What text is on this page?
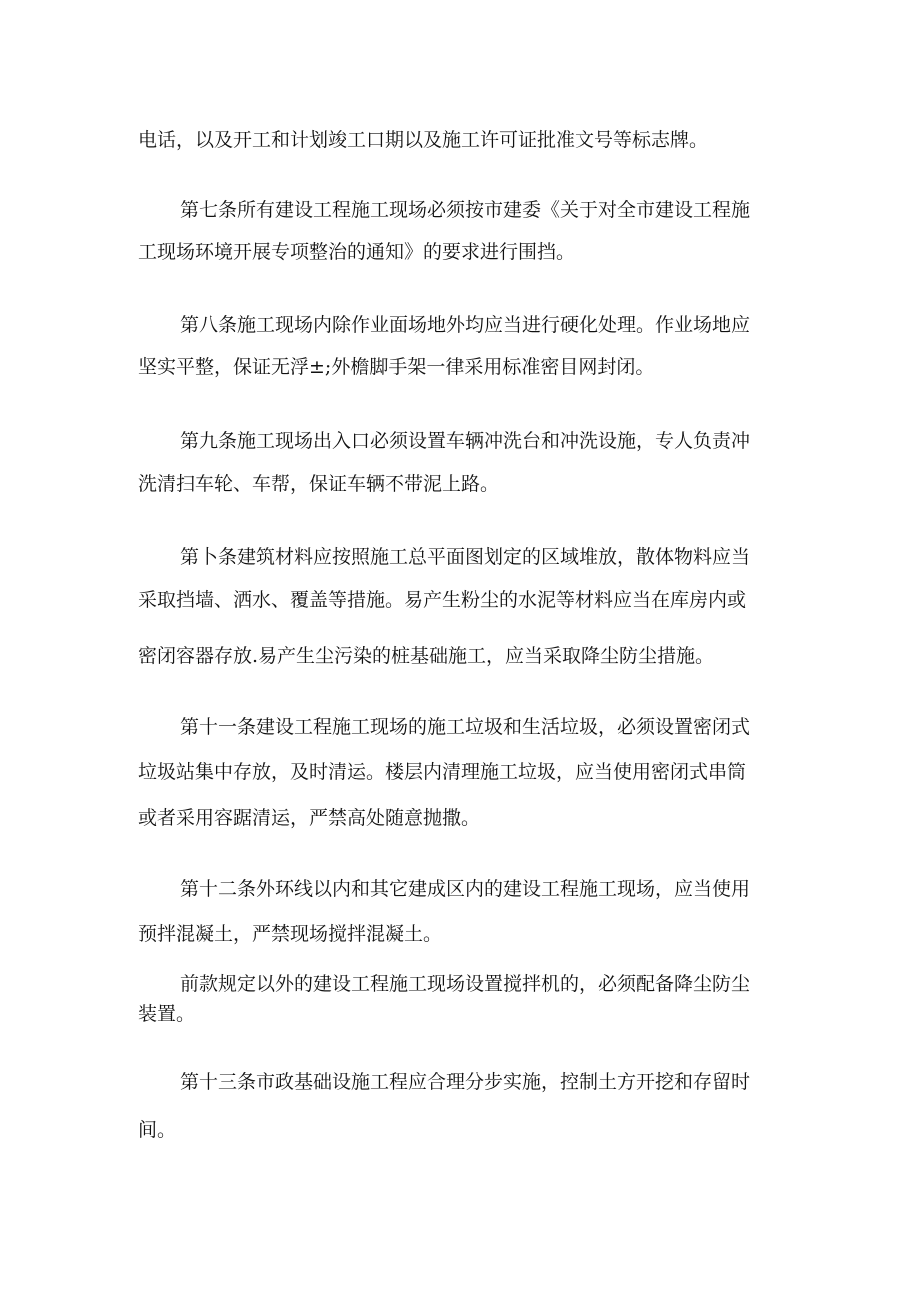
电话，以及开工和计划竣工口期以及施工许可证批准文号等标志牌。
第七条所有建设工程施工现场必须按市建委《关于对全市建设工程施
工现场环境开展专项整治的通知》的要求进行围挡。
第八条施工现场内除作业面场地外均应当进行硬化处理。作业场地应
坚实平整，保证无浮±;外檐脚手架一律采用标准密目网封闭。
第九条施工现场出入口必须设置车辆冲洗台和冲洗设施，专人负责冲
洗清扫车轮、车帮，保证车辆不带泥上路。
第卜条建筑材料应按照施工总平面图划定的区域堆放，散体物料应当
采取挡墙、洒水、覆盖等措施。易产生粉尘的水泥等材料应当在库房内或
密闭容器存放.易产生尘污染的桩基础施工，应当采取降尘防尘措施。
第十一条建设工程施工现场的施工垃圾和生活垃圾，必须设置密闭式
垃圾站集中存放，及时清运。楼层内清理施工垃圾，应当使用密闭式串筒
或者采用容踞清运，严禁高处随意抛撒。
第十二条外环线以内和其它建成区内的建设工程施工现场，应当使用
预拌混凝土，严禁现场搅拌混凝土。
前款规定以外的建设工程施工现场设置搅拌机的，必须配备降尘防尘
装置。
第十三条市政基础设施工程应合理分步实施，控制土方开挖和存留时
间。
